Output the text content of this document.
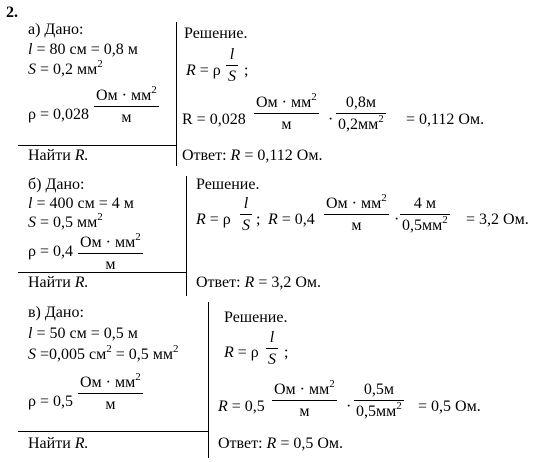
2.
а) Дано:
l = 80 см = 0,8 м
S = 0,2 $мм^2$
ρ = 0,028
Ом · $мм^2$
м
Найти R.
Решение.
R = ρ
l
S ;
R = 0,028
Ом · $мм^2$
м ·
0,8м
$0,2мм^2 = 0,112$ Ом.
Ответ: R = 0,112 Ом.
б) Дано:
l = 400 см = 4 м
S = 0,5 $мм^2$
ρ = 0,4
Ом · $мм^2$
м
Найти R.
Решение.
R = ρ
l
S ; R = 0,4
Ом · $мм^2$
м ·
4 м
$0,5мм^2 = 3,2$ Ом.
Ответ: R = 3,2 Ом.
в) Дано:
l = 50 см = 0,5 м
S =0,005 $см^2 = 0,5$ $мм^2$
ρ = 0,5
Ом · $мм^2$
м
Найти R.
Решение.
R = ρ
l
S ;
R = 0,5
Ом · $мм^2$
м ·
0,5м
$0,5мм^2 = 0,5$ Ом.
Ответ: R = 0,5 Ом.
